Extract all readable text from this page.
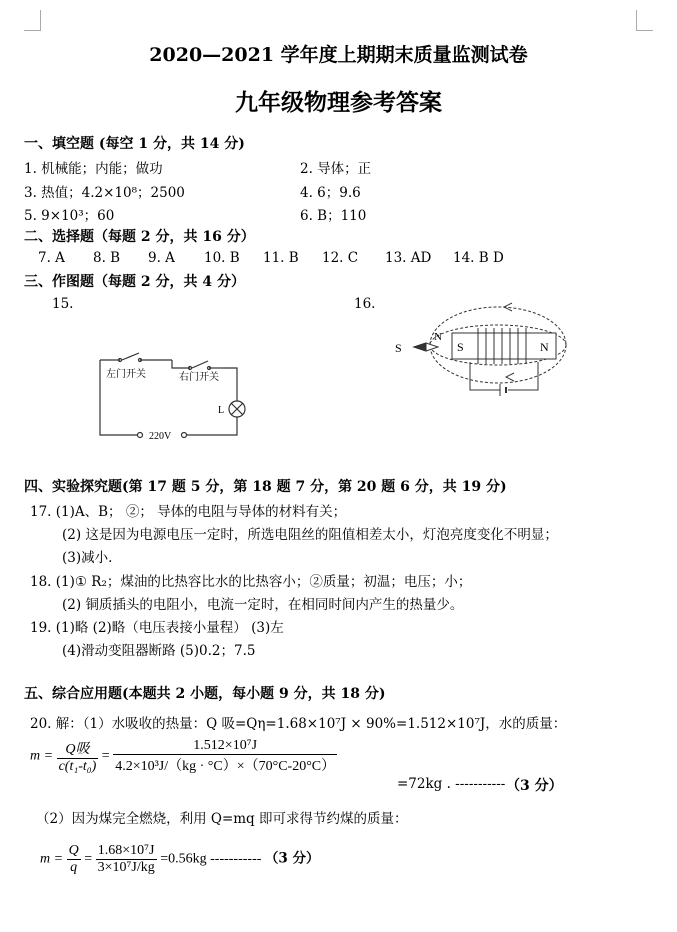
2020—2021 学年度上期期末质量监测试卷
九年级物理参考答案
一、填空题 (每空 1 分，共 14 分)
1. 机械能；内能；做功	2. 导体；正
3. 热值；4.2×10⁸；2500	4. 6；9.6
5. 9×10³；60	6. B；110
二、选择题（每题 2 分，共 16 分）
7. A 8. B 9. A 10. B 11. B 12. C 13. AD 14. B D
三、作图题（每题 2 分，共 4 分）
15.	16.
左门开关	右门开关
L
220V
S
N
S	N
四、实验探究题(第 17 题 5 分，第 18 题 7 分，第 20 题 6 分，共 19 分)
17. (1)A、B； ②； 导体的电阻与导体的材料有关；
(2) 这是因为电源电压一定时，所选电阻丝的阻值相差太小，灯泡亮度变化不明显；
(3)减小.
18. (1)① R₂；煤油的比热容比水的比热容小；②质量；初温；电压；小；
(2) 铜质插头的电阻小，电流一定时，在相同时间内产生的热量少。
19. (1)略 (2)略（电压表接小量程） (3)左
(4)滑动变阻器断路 (5)0.2；7.5
五、综合应用题(本题共 2 小题，每小题 9 分，共 18 分)
20. 解：（1）水吸收的热量：Q 吸=Qη=1.68×10⁷J × 90%=1.512×10⁷J，水的质量：
$m = \frac{\text{Q吸}}{\text{c(t₁-t₀)}} = \frac{\text{1.512×10⁷J}}{\text{4.2×10³J/（kg · °C）×（70°C-20°C）}}$
=72kg . ----------- （3 分）
（2）因为煤完全燃烧，利用 Q=mq 即可求得节约煤的质量：
$m = \frac{Q}{q} = \frac{\text{1.68×10⁷J}}{\text{3×10⁷J/kg}} =0.56kg$ ----------- （3 分）
